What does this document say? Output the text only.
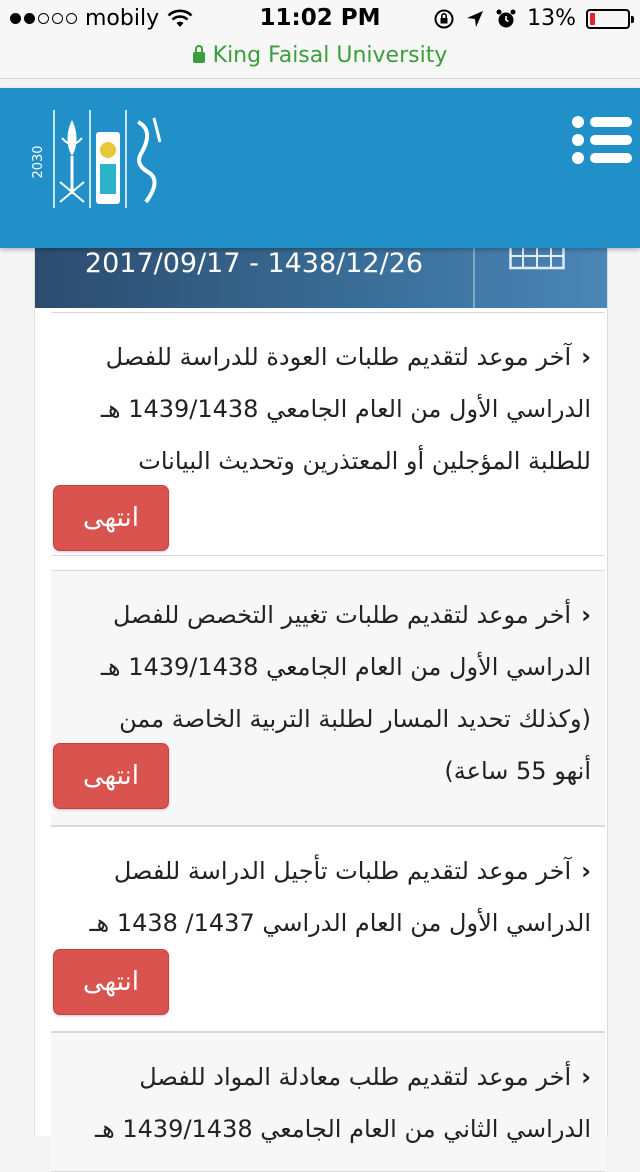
mobily	11:02 PM	13%
King Faisal University
2030
2017/09/17 - 1438/12/26
‹آخر موعد لتقديم طلبات العودة للدراسة للفصل الدراسي الأول من العام الجامعي 1439/1438 هـ للطلبة المؤجلين أو المعتذرين وتحديث البيانات
انتهى
‹أخر موعد لتقديم طلبات تغيير التخصص للفصل الدراسي الأول من العام الجامعي 1439/1438 هـ (وكذلك تحديد المسار لطلبة التربية الخاصة ممن أنهو 55 ساعة)
انتهى
‹آخر موعد لتقديم طلبات تأجيل الدراسة للفصل الدراسي الأول من العام الدراسي 1437/ 1438 هـ
انتهى
‹أخر موعد لتقديم طلب معادلة المواد للفصل الدراسي الثاني من العام الجامعي 1439/1438 هـ
